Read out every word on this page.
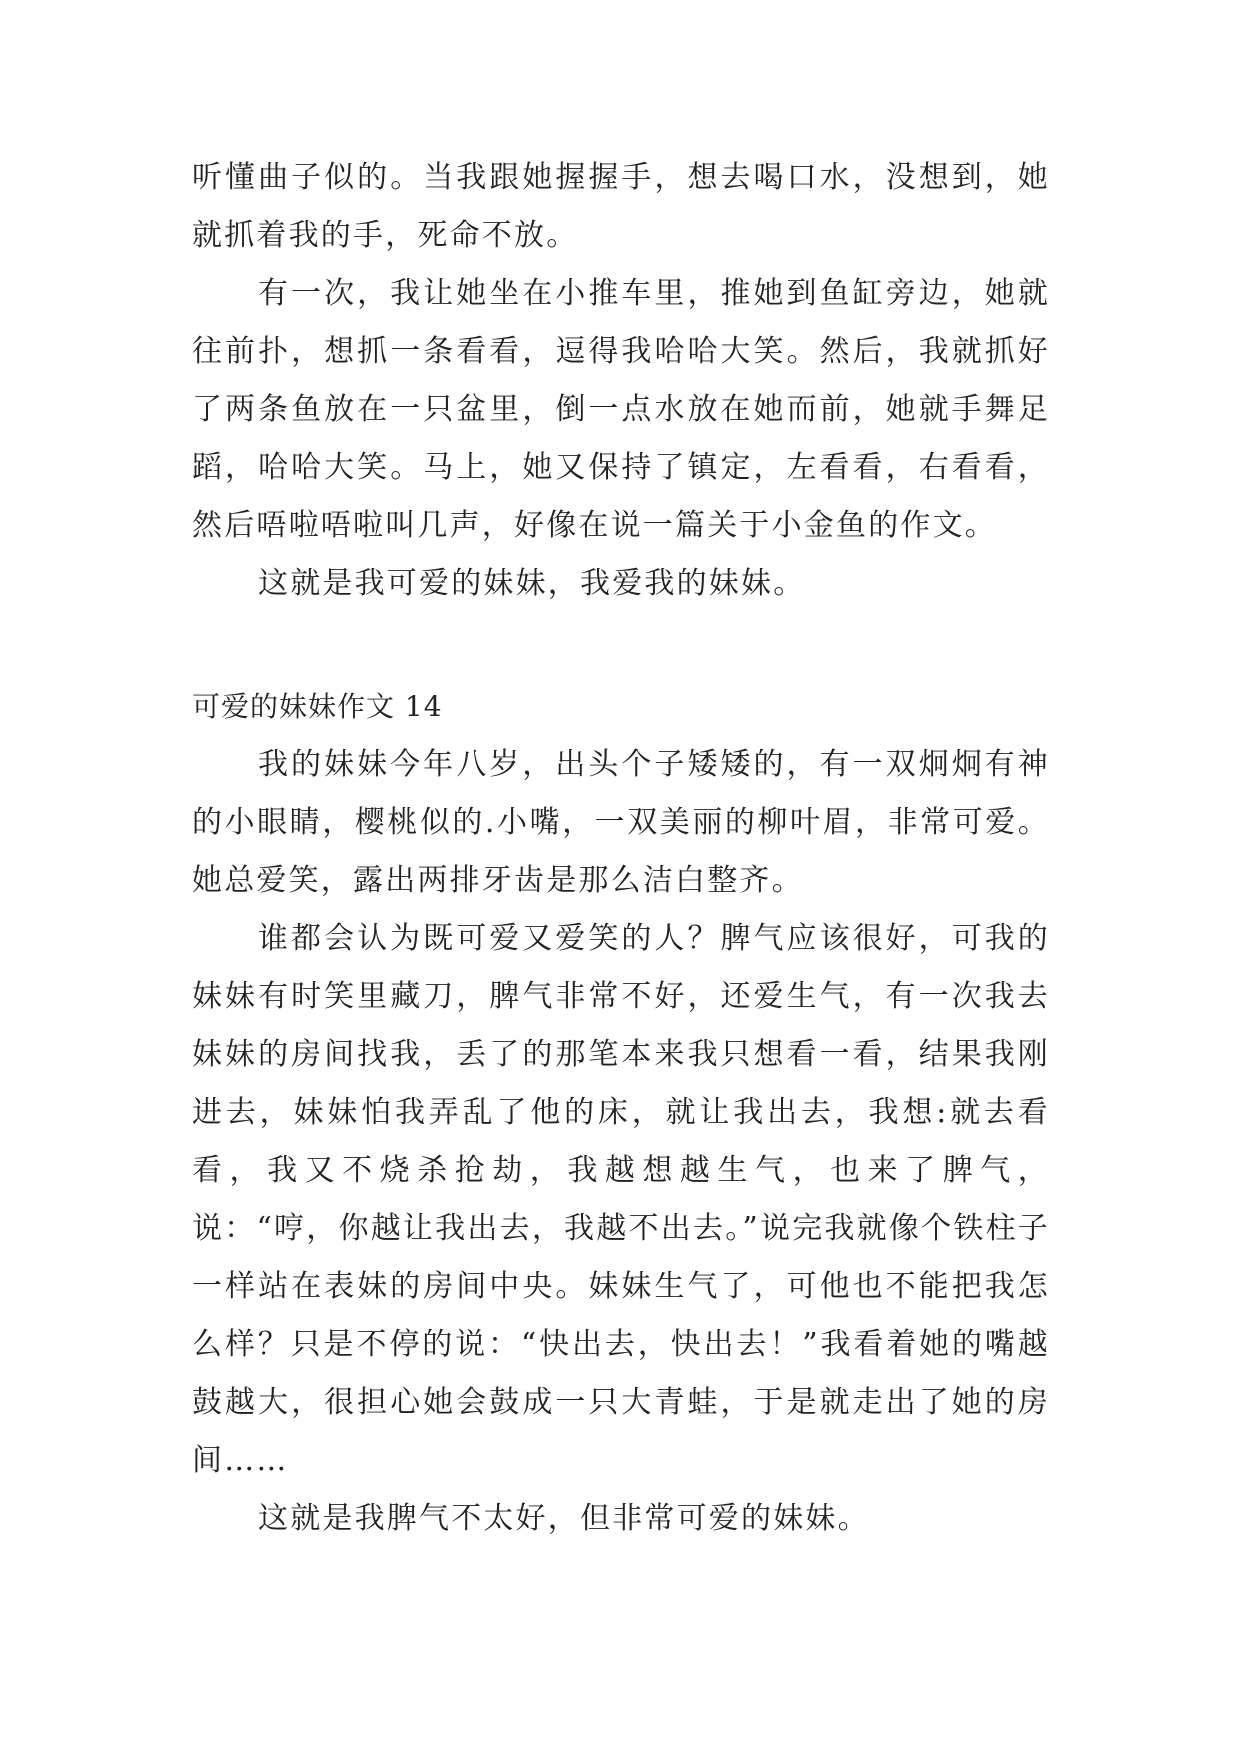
听懂曲子似的。当我跟她握握手，想去喝口水，没想到，她就抓着我的手，死命不放。

有一次，我让她坐在小推车里，推她到鱼缸旁边，她就往前扑，想抓一条看看，逗得我哈哈大笑。然后，我就抓好了两条鱼放在一只盆里，倒一点水放在她而前，她就手舞足蹈，哈哈大笑。马上，她又保持了镇定，左看看，右看看，然后唔啦唔啦叫几声，好像在说一篇关于小金鱼的作文。

这就是我可爱的妹妹，我爱我的妹妹。

可爱的妹妹作文 14

我的妹妹今年八岁，出头个子矮矮的，有一双炯炯有神的小眼睛，樱桃似的.小嘴，一双美丽的柳叶眉，非常可爱。她总爱笑，露出两排牙齿是那么洁白整齐。

谁都会认为既可爱又爱笑的人？脾气应该很好，可我的妹妹有时笑里藏刀，脾气非常不好，还爱生气，有一次我去妹妹的房间找我，丢了的那笔本来我只想看一看，结果我刚进去，妹妹怕我弄乱了他的床，就让我出去，我想:就去看看，我又不烧杀抢劫，我越想越生气，也来了脾气，说：“哼，你越让我出去，我越不出去。”说完我就像个铁柱子一样站在表妹的房间中央。妹妹生气了，可他也不能把我怎么样？只是不停的说：“快出去，快出去！”我看着她的嘴越鼓越大，很担心她会鼓成一只大青蛙，于是就走出了她的房间……

这就是我脾气不太好，但非常可爱的妹妹。
